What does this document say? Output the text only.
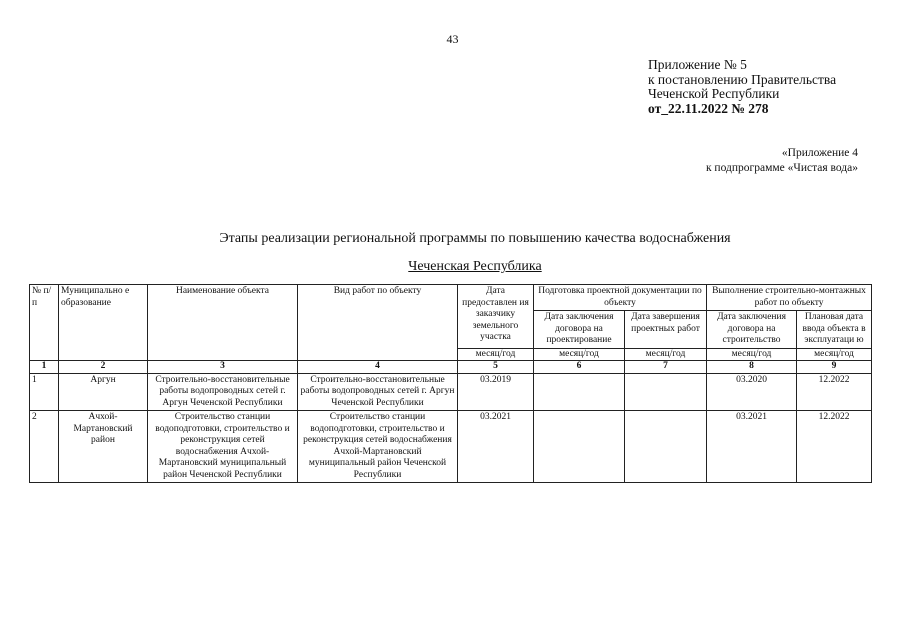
43
Приложение № 5
к постановлению Правительства
Чеченской Республики
от_22.11.2022 № 278
«Приложение 4
к подпрограмме «Чистая вода»
Этапы реализации региональной программы по повышению качества водоснабжения
Чеченская Республика
№ п/п	Муниципально е образование	Наименование объекта	Вид работ по объекту	Дата предоставлен ия заказчику земельного участка	Подготовка проектной документации по объекту		Выполнение строительно-монтажных работ по объекту	
					Дата заключения договора на проектирование	Дата завершения проектных работ	Дата заключения договора на строительство	Плановая дата ввода объекта в эксплуатаци ю
				месяц/год	месяц/год	месяц/год	месяц/год	месяц/год
1	2	3	4	5	6	7	8	9
1	Аргун	Строительно-восстановительные работы водопроводных сетей г. Аргун Чеченской Республики	Строительно-восстановительные работы водопроводных сетей г. Аргун Чеченской Республики	03.2019			03.2020	12.2022
2	Ачхой-Мартановский район	Строительство станции водоподготовки, строительство и реконструкция сетей водоснабжения Ачхой-Мартановский муниципальный район Чеченской Республики	Строительство станции водоподготовки, строительство и реконструкция сетей водоснабжения Ачхой-Мартановский муниципальный район Чеченской Республики	03.2021			03.2021	12.2022
